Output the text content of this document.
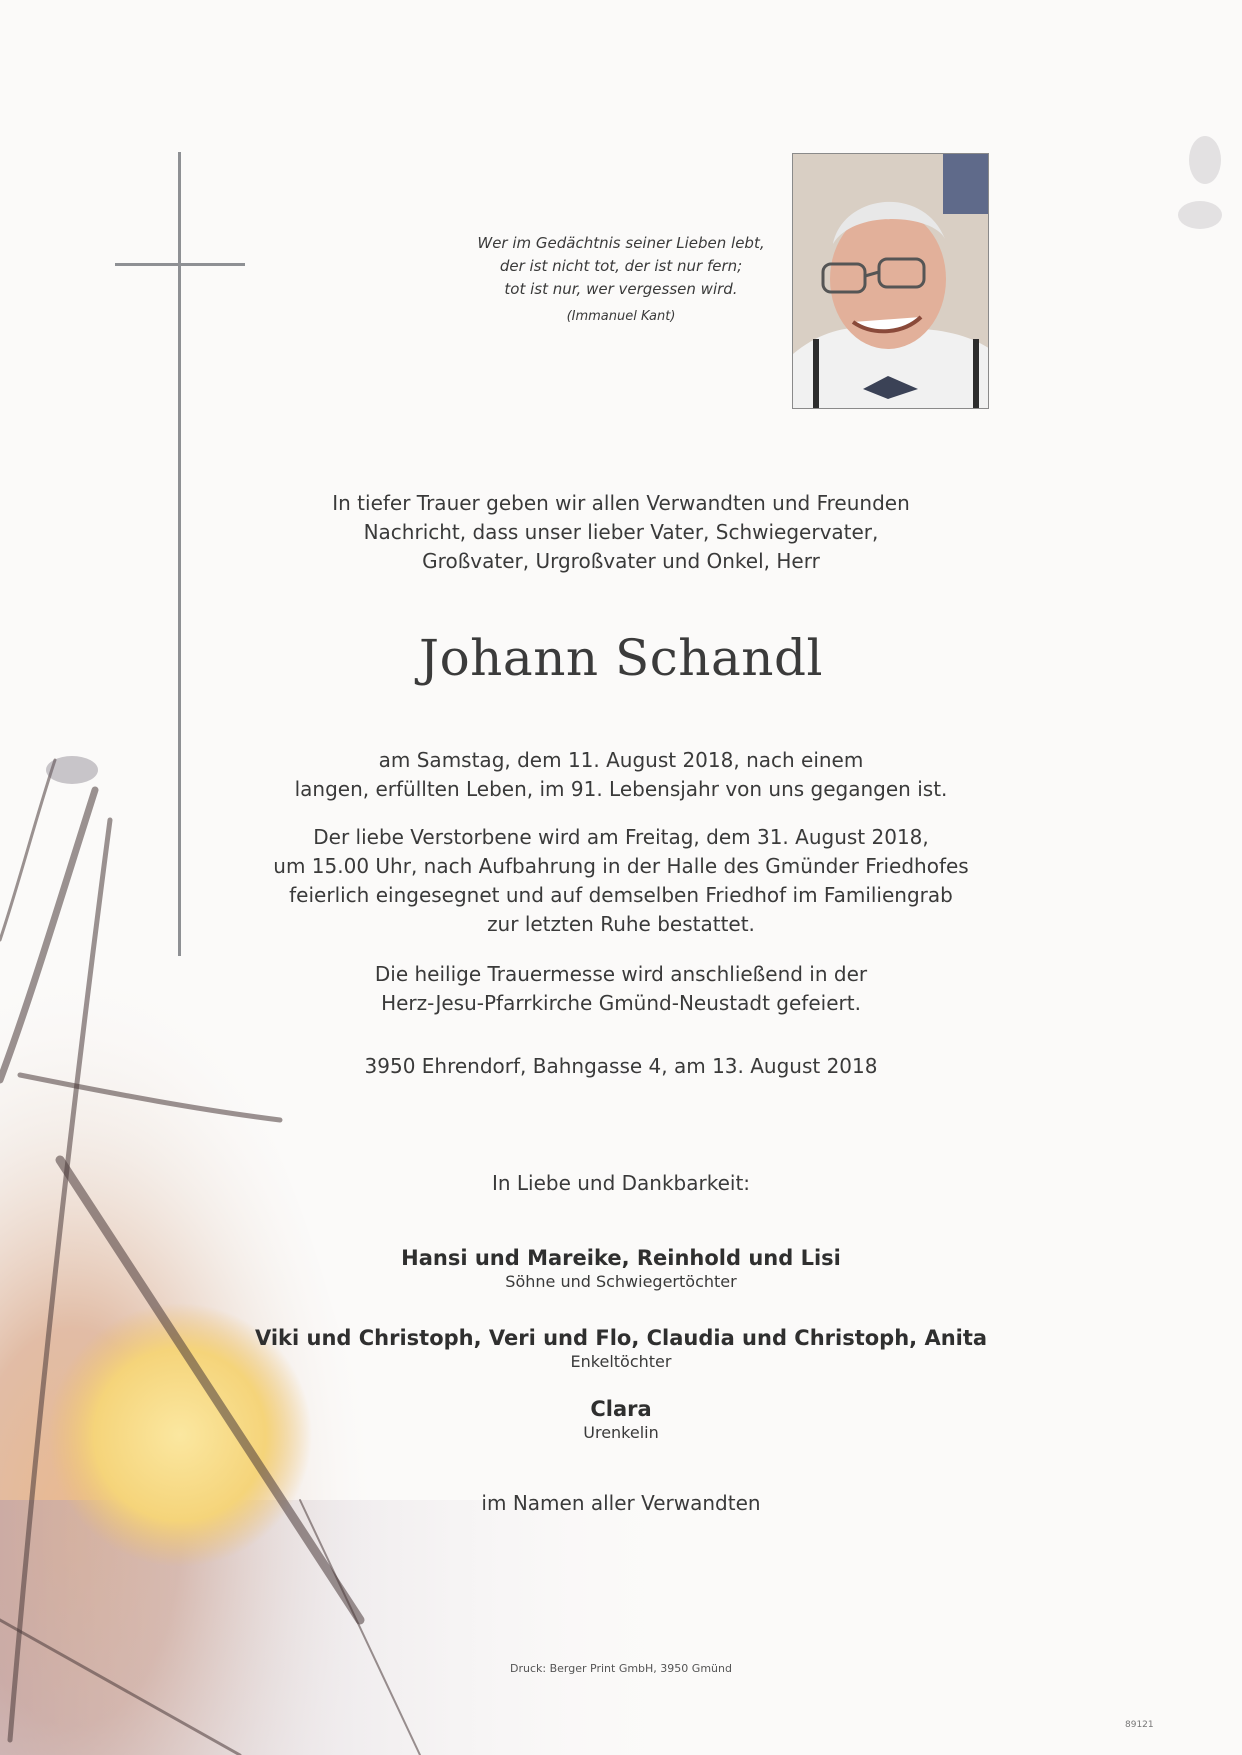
Wer im Gedächtnis seiner Lieben lebt,
der ist nicht tot, der ist nur fern;
tot ist nur, wer vergessen wird.
(Immanuel Kant)
In tiefer Trauer geben wir allen Verwandten und Freunden
Nachricht, dass unser lieber Vater, Schwiegervater,
Großvater, Urgroßvater und Onkel, Herr
Johann Schandl
am Samstag, dem 11. August 2018, nach einem
langen, erfüllten Leben, im 91. Lebensjahr von uns gegangen ist.
Der liebe Verstorbene wird am Freitag, dem 31. August 2018,
um 15.00 Uhr, nach Aufbahrung in der Halle des Gmünder Friedhofes
feierlich eingesegnet und auf demselben Friedhof im Familiengrab
zur letzten Ruhe bestattet.
Die heilige Trauermesse wird anschließend in der
Herz-Jesu-Pfarrkirche Gmünd-Neustadt gefeiert.
3950 Ehrendorf, Bahngasse 4, am 13. August 2018
In Liebe und Dankbarkeit:
Hansi und Mareike, Reinhold und Lisi
Söhne und Schwiegertöchter
Viki und Christoph, Veri und Flo, Claudia und Christoph, Anita
Enkeltöchter
Clara
Urenkelin
im Namen aller Verwandten
Druck: Berger Print GmbH, 3950 Gmünd
89121
